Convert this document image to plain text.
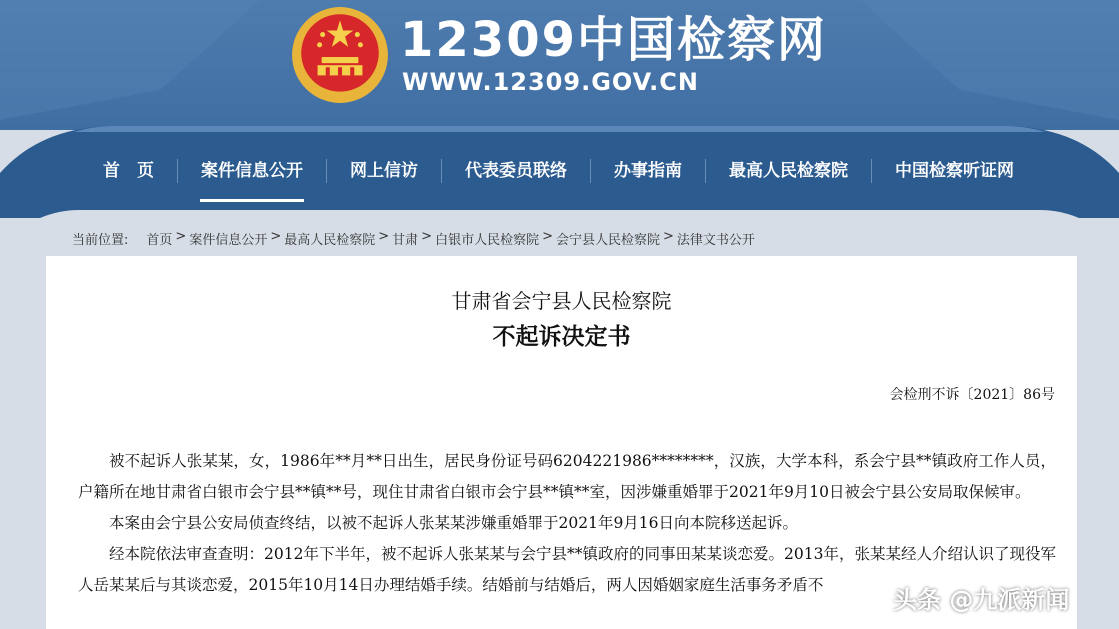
12309中国检察网
WWW.12309.GOV.CN
首　页	案件信息公开	网上信访	代表委员联络	办事指南	最高人民检察院	中国检察听证网
当前位置: 首页 > 案件信息公开 > 最高人民检察院 > 甘肃 > 白银市人民检察院 > 会宁县人民检察院 > 法律文书公开
甘肃省会宁县人民检察院
不起诉决定书
会检刑不诉〔2021〕86号

被不起诉人张某某，女，1986年**月**日出生，居民身份证号码6204221986********，汉族，大学本科，系会宁县**镇政府工作人员，户籍所在地甘肃省白银市会宁县**镇**号，现住甘肃省白银市会宁县**镇**室，因涉嫌重婚罪于2021年9月10日被会宁县公安局取保候审。

本案由会宁县公安局侦查终结，以被不起诉人张某某涉嫌重婚罪于2021年9月16日向本院移送起诉。

经本院依法审查查明：2012年下半年，被不起诉人张某某与会宁县**镇政府的同事田某某谈恋爱。2013年，张某某经人介绍认识了现役军人岳某某后与其谈恋爱，2015年10月14日办理结婚手续。结婚前与结婚后，两人因婚姻家庭生活事务矛盾不

头条 @九派新闻
